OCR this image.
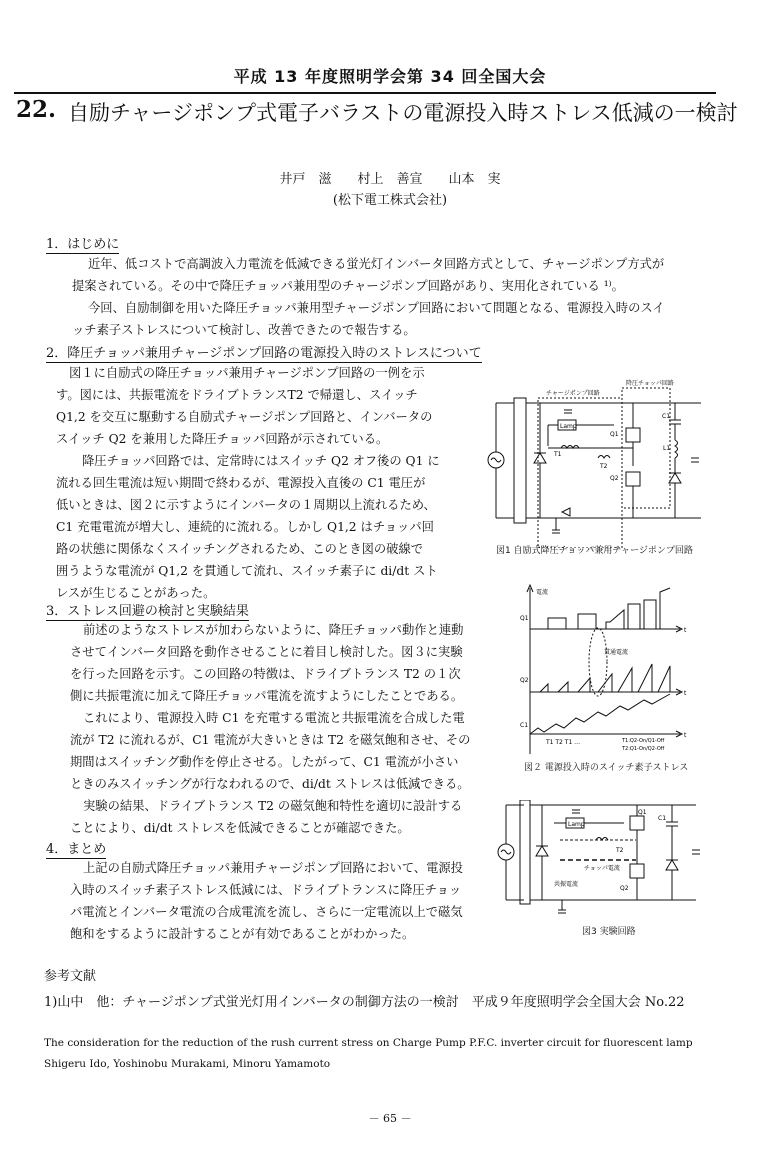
平成 13 年度照明学会第 34 回全国大会
22. 自励チャージポンプ式電子バラストの電源投入時ストレス低減の一検討
井戸　滋　　村上　善宣　　山本　実
(松下電工株式会社)
1．はじめに
近年、低コストで高調波入力電流を低減できる蛍光灯インバータ回路方式として、チャージポンプ方式が
提案されている。その中で降圧チョッパ兼用型のチャージポンプ回路があり、実用化されている ¹⁾。
今回、自励制御を用いた降圧チョッパ兼用型チャージポンプ回路において問題となる、電源投入時のスイ
ッチ素子ストレスについて検討し、改善できたので報告する。
2．降圧チョッパ兼用チャージポンプ回路の電源投入時のストレスについて
図１に自励式の降圧チョッパ兼用チャージポンプ回路の一例を示
す。図には、共振電流をドライブトランスT2 で帰還し、スイッチ
Q1,2 を交互に駆動する自励式チャージポンプ回路と、インバータの
スイッチ Q2 を兼用した降圧チョッパ回路が示されている。
降圧チョッパ回路では、定常時にはスイッチ Q2 オフ後の Q1 に
流れる回生電流は短い期間で終わるが、電源投入直後の C1 電圧が
低いときは、図２に示すようにインバータの１周期以上流れるため、
C1 充電電流が増大し、連続的に流れる。しかし Q1,2 はチョッパ回
路の状態に関係なくスイッチングされるため、このとき図の破線で
囲うような電流が Q1,2 を貫通して流れ、スイッチ素子に di/dt スト
レスが生じることがあった。
3．ストレス回避の検討と実験結果
前述のようなストレスが加わらないように、降圧チョッパ動作と連動
させてインバータ回路を動作させることに着目し検討した。図３に実験
を行った回路を示す。この回路の特徴は、ドライブトランス T2 の１次
側に共振電流に加えて降圧チョッパ電流を流すようにしたことである。
これにより、電源投入時 C1 を充電する電流と共振電流を合成した電
流が T2 に流れるが、C1 電流が大きいときは T2 を磁気飽和させ、その
期間はスイッチング動作を停止させる。したがって、C1 電流が小さい
ときのみスイッチングが行なわれるので、di/dt ストレスは低減できる。
実験の結果、ドライブトランス T2 の磁気飽和特性を適切に設計する
ことにより、di/dt ストレスを低減できることが確認できた。
4．まとめ
上記の自励式降圧チョッパ兼用チャージポンプ回路において、電源投
入時のスイッチ素子ストレス低減には、ドライブトランスに降圧チョッ
パ電流とインバータ電流の合成電流を流し、さらに一定電流以上で磁気
飽和をするように設計することが有効であることがわかった。
参考文献
1)山中　他：チャージポンプ式蛍光灯用インバータの制御方法の一検討　平成９年度照明学会全国大会 No.22
The consideration for the reduction of the rush current stress on Charge Pump P.F.C. inverter circuit for fluorescent lamp
Shigeru Ido, Yoshinobu Murakami, Minoru Yamamoto
－ 65 －
チャージポンプ回路
降圧チョッパ回路
Lamp
Q1
Q2
T1
T2
C1
L1
図1 自励式降圧チョッパ兼用チャージポンプ回路
電流
Q1
Q2
C1
t
t
t
貫通電流
T1 T2 T1 …	T1:Q2-On/Q1-Off
T2:Q1-On/Q2-Off
図２ 電源投入時のスイッチ素子ストレス
Lamp
Q1
Q2
C1
T2
チョッパ電流
共振電流
図3 実験回路
